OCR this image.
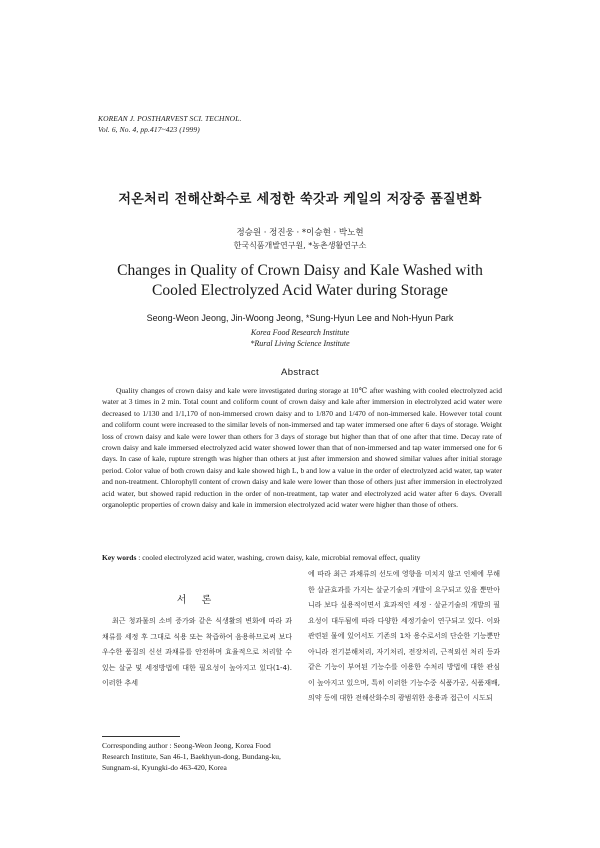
KOREAN J. POSTHARVEST SCI. TECHNOL.
Vol. 6, No. 4, pp.417~423 (1999)
저온처리 전해산화수로 세정한 쑥갓과 케일의 저장중 품질변화
정승원 · 정진웅 · *이승현 · 박노현
한국식품개발연구원, *농촌생활연구소
Changes in Quality of Crown Daisy and Kale Washed with
Cooled Electrolyzed Acid Water during Storage
Seong-Weon Jeong, Jin-Woong Jeong, *Sung-Hyun Lee and Noh-Hyun Park
Korea Food Research Institute
*Rural Living Science Institute
Abstract

Quality changes of crown daisy and kale were investigated during storage at 10℃ after washing with cooled electrolyzed acid water at 3 times in 2 min. Total count and coliform count of crown daisy and kale after immersion in electrolyzed acid water were decreased to 1/130 and 1/1,170 of non-immersed crown daisy and to 1/870 and 1/470 of non-immersed kale. However total count and coliform count were increased to the similar levels of non-immersed and tap water immersed one after 6 days of storage. Weight loss of crown daisy and kale were lower than others for 3 days of storage but higher than that of one after that time. Decay rate of crown daisy and kale immersed electrolyzed acid water showed lower than that of non-immersed and tap water immersed one for 6 days. In case of kale, rupture strength was higher than others at just after immersion and showed similar values after initial storage period. Color value of both crown daisy and kale showed high L, b and low a value in the order of electrolyzed acid water, tap water and non-treatment. Chlorophyll content of crown daisy and kale were lower than those of others just after immersion in electrolyzed acid water, but showed rapid reduction in the order of non-treatment, tap water and electrolyzed acid water after 6 days. Overall organoleptic properties of crown daisy and kale in immersion electrolyzed acid water were higher than those of others.

Key words : cooled electrolyzed acid water, washing, crown daisy, kale, microbial removal effect, quality
서 론

최근 청과물의 소비 증가와 같은 식생활의 변화에 따라 과채류를 세정 후 그대로 식용 또는 착즙하여 음용하므로써 보다 우수한 품질의 신선 과채류를 안전하며 효율적으로 처리할 수 있는 살균 및 세정방법에 대한 필요성이 높아지고 있다(1-4). 이러한 추세

에 따라 최근 과채류의 선도에 영향을 미치지 않고 인체에 무해한 살균효과를 가지는 살균기술의 개발이 요구되고 있을 뿐만아니라 보다 실용적이면서 효과적인 세정 · 살균기술의 개발의 필요성이 대두됨에 따라 다양한 세정기술이 연구되고 있다. 이와 관련된 물에 있어서도 기존의 1차 용수로서의 단순한 기능뿐만 아니라 전기분해처리, 자기처리, 전장처리, 근적외선 처리 등과 같은 기능이 부여된 기능수를 이용한 수처리 방법에 대한 관심이 높아지고 있으며, 특히 이러한 기능수중 식품가공, 식품재배, 의약 등에 대한 전해산화수의 광범위한 응용과 접근이 시도되

Corresponding author : Seong-Weon Jeong, Korea Food Research Institute, San 46-1, Baekhyun-dong, Bundang-ku, Sungnam-si, Kyungki-do 463-420, Korea
